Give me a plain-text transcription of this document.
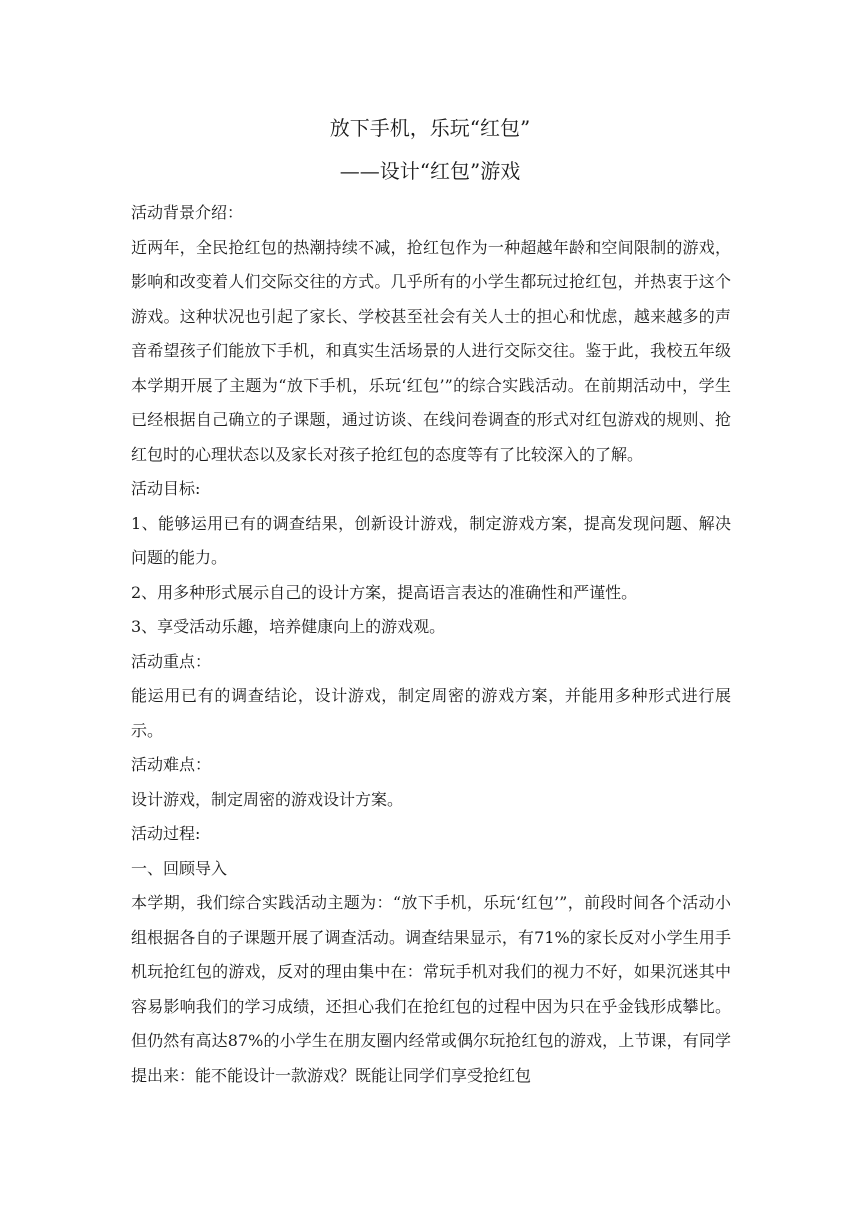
放下手机，乐玩“红包”
——设计“红包”游戏

活动背景介绍：

近两年，全民抢红包的热潮持续不减，抢红包作为一种超越年龄和空间限制的游戏，影响和改变着人们交际交往的方式。几乎所有的小学生都玩过抢红包，并热衷于这个游戏。这种状况也引起了家长、学校甚至社会有关人士的担心和忧虑，越来越多的声音希望孩子们能放下手机，和真实生活场景的人进行交际交往。鉴于此，我校五年级本学期开展了主题为“放下手机，乐玩‘红包’”的综合实践活动。在前期活动中，学生已经根据自己确立的子课题，通过访谈、在线问卷调查的形式对红包游戏的规则、抢红包时的心理状态以及家长对孩子抢红包的态度等有了比较深入的了解。

活动目标:

1、能够运用已有的调查结果，创新设计游戏，制定游戏方案，提高发现问题、解决问题的能力。

2、用多种形式展示自己的设计方案，提高语言表达的准确性和严谨性。

3、享受活动乐趣，培养健康向上的游戏观。

活动重点：

能运用已有的调查结论，设计游戏，制定周密的游戏方案，并能用多种形式进行展示。

活动难点：

设计游戏，制定周密的游戏设计方案。

活动过程:

一、回顾导入

本学期，我们综合实践活动主题为：“放下手机，乐玩‘红包’”，前段时间各个活动小组根据各自的子课题开展了调查活动。调查结果显示，有71%的家长反对小学生用手机玩抢红包的游戏，反对的理由集中在：常玩手机对我们的视力不好，如果沉迷其中容易影响我们的学习成绩，还担心我们在抢红包的过程中因为只在乎金钱形成攀比。但仍然有高达87%的小学生在朋友圈内经常或偶尔玩抢红包的游戏，上节课，有同学提出来：能不能设计一款游戏？既能让同学们享受抢红包
